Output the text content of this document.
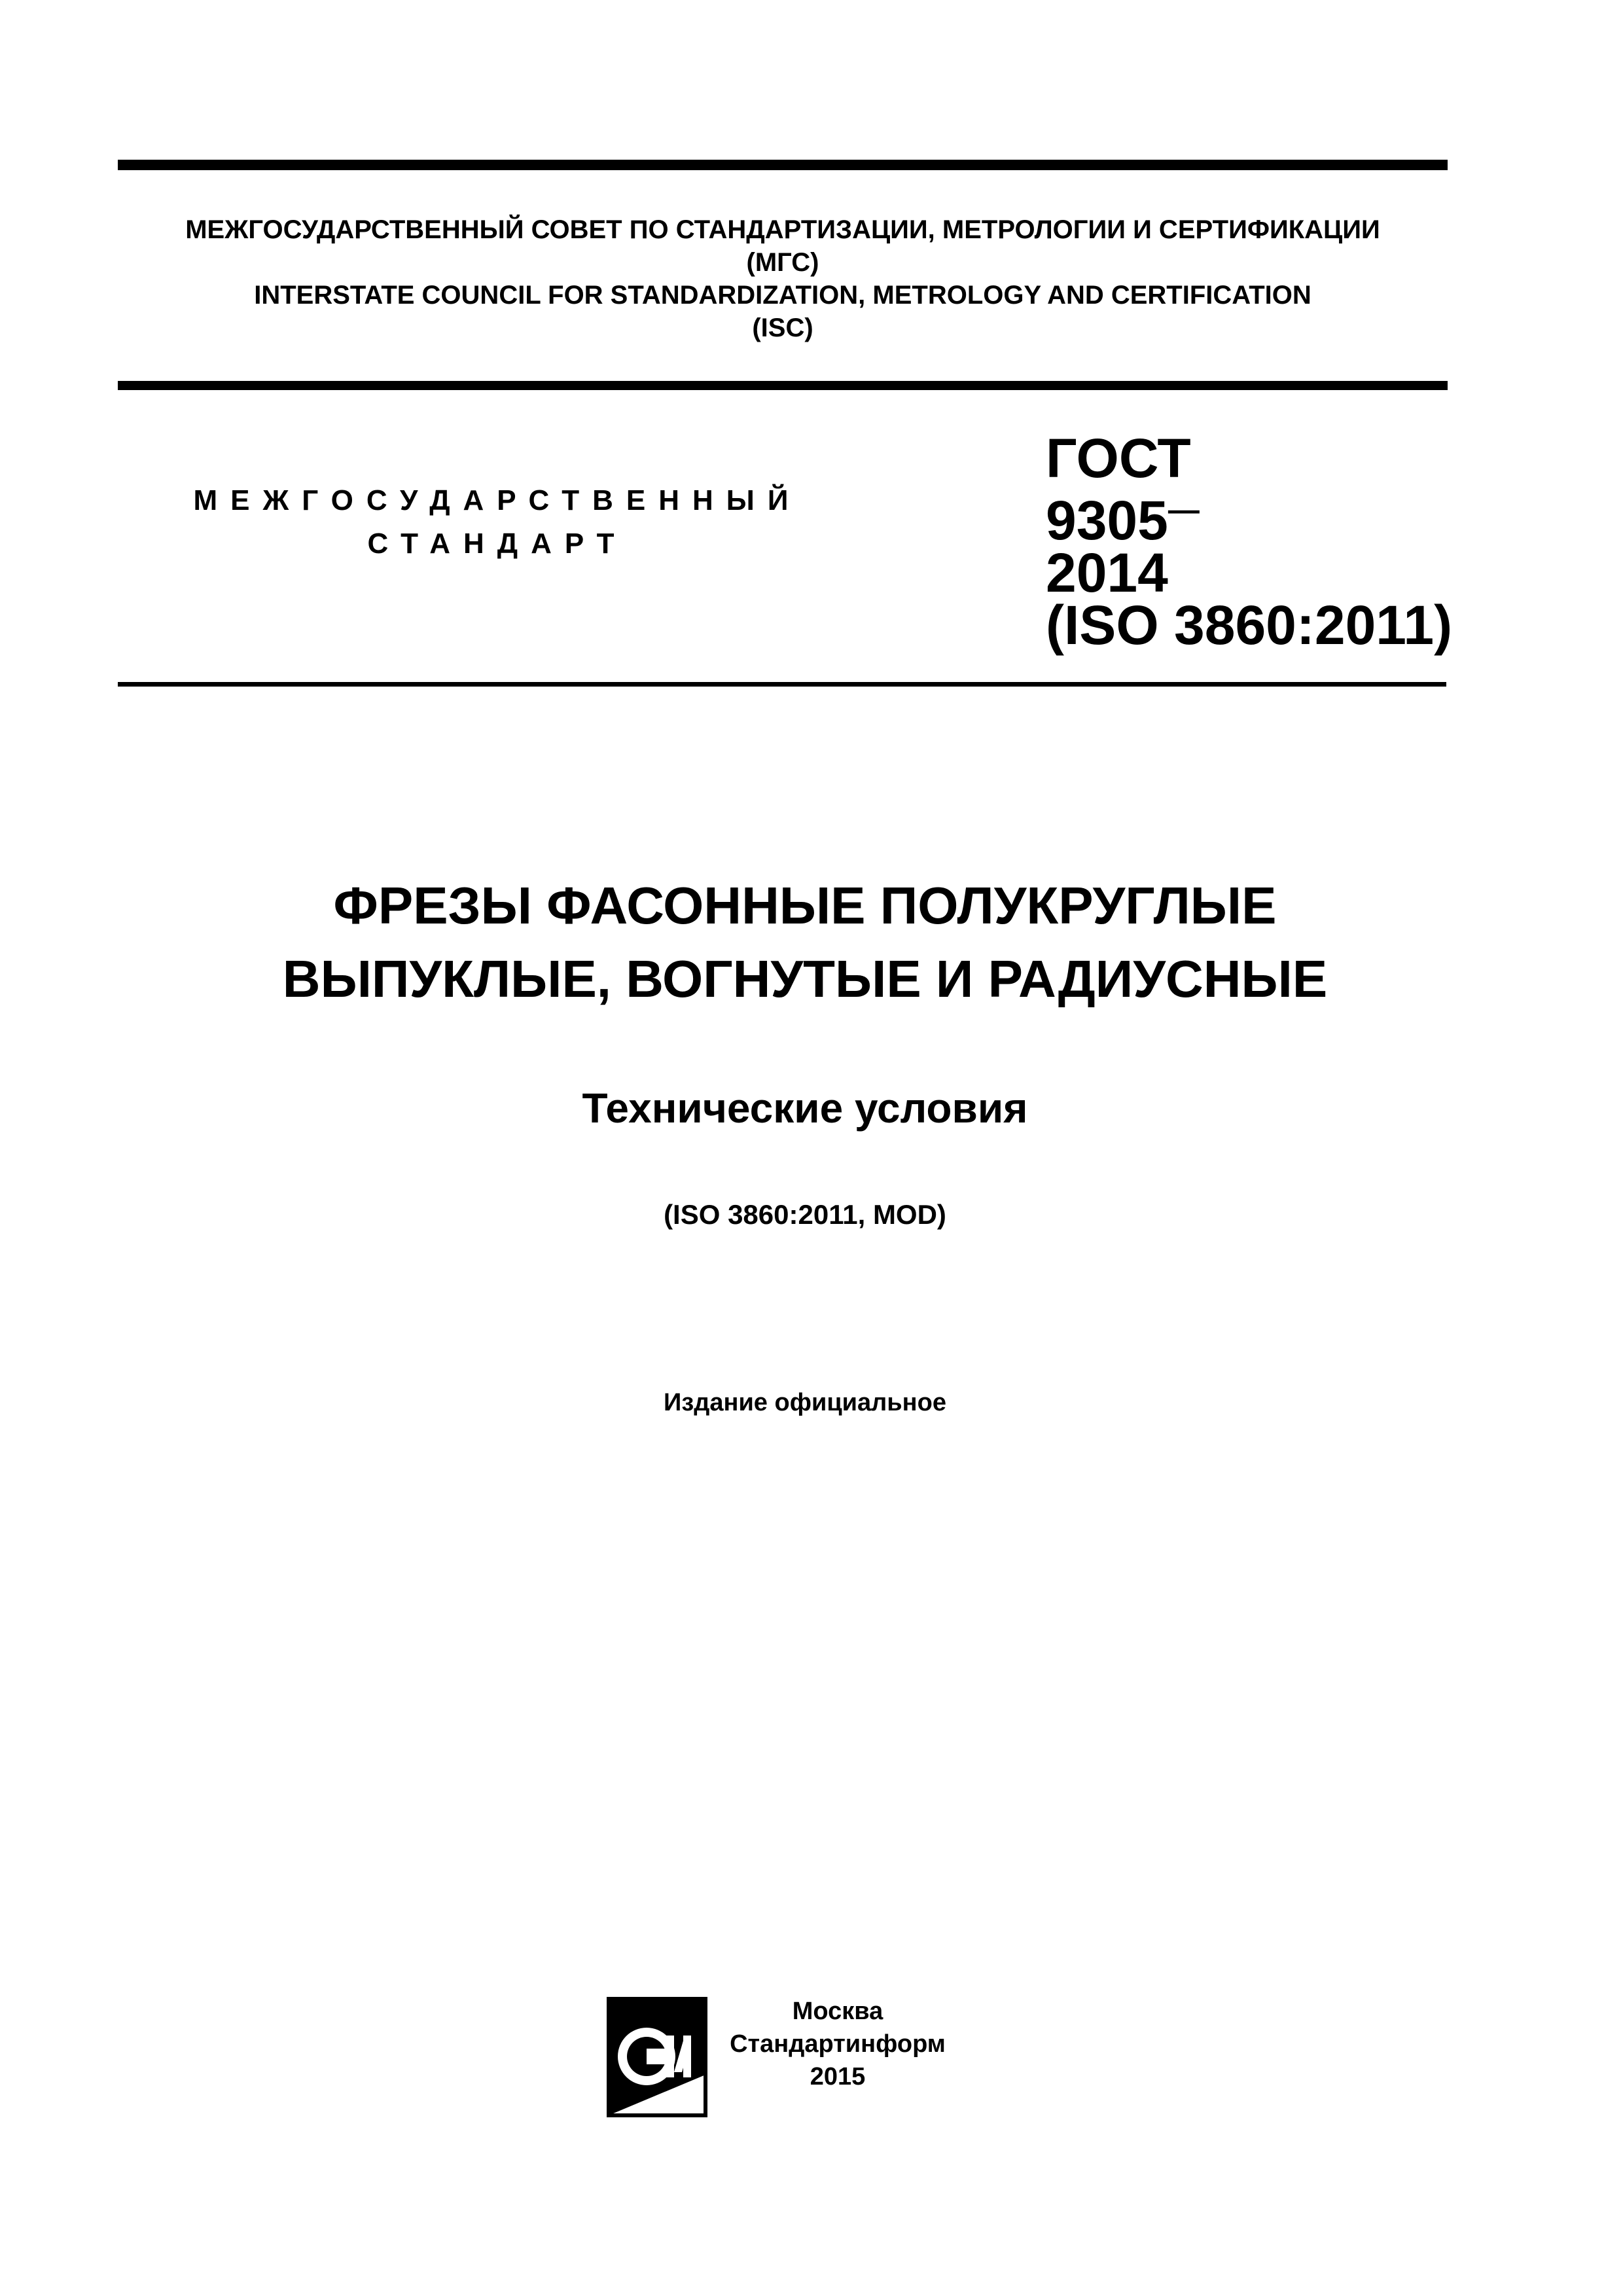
МЕЖГОСУДАРСТВЕННЫЙ СОВЕТ ПО СТАНДАРТИЗАЦИИ, МЕТРОЛОГИИ И СЕРТИФИКАЦИИ
(МГС)
INTERSTATE COUNCIL FOR STANDARDIZATION, METROLOGY AND CERTIFICATION
(ISC)
МЕЖГОСУДАРСТВЕННЫЙ
СТАНДАРТ
ГОСТ
9305—
2014
(ISO 3860:2011)
ФРЕЗЫ ФАСОННЫЕ ПОЛУКРУГЛЫЕ
ВЫПУКЛЫЕ, ВОГНУТЫЕ И РАДИУСНЫЕ
Технические условия
(ISO 3860:2011, MOD)
Издание официальное
Москва
Стандартинформ
2015
